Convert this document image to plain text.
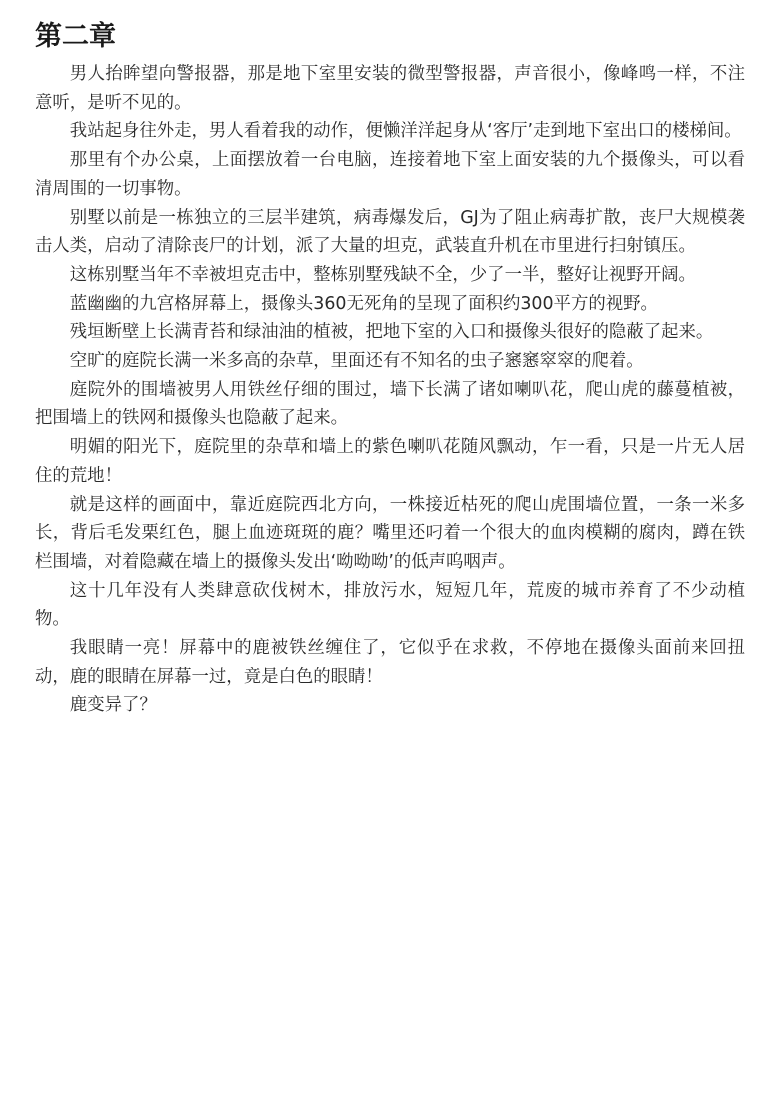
第二章

男人抬眸望向警报器，那是地下室里安装的微型警报器，声音很小，像峰鸣一样，不注意听，是听不见的。

我站起身往外走，男人看着我的动作，便懒洋洋起身从‘客厅’走到地下室出口的楼梯间。

那里有个办公桌，上面摆放着一台电脑，连接着地下室上面安装的九个摄像头，可以看清周围的一切事物。

别墅以前是一栋独立的三层半建筑，病毒爆发后，GJ为了阻止病毒扩散，丧尸大规模袭击人类，启动了清除丧尸的计划，派了大量的坦克，武装直升机在市里进行扫射镇压。

这栋别墅当年不幸被坦克击中，整栋别墅残缺不全，少了一半，整好让视野开阔。

蓝幽幽的九宫格屏幕上，摄像头360无死角的呈现了面积约300平方的视野。

残垣断壁上长满青苔和绿油油的植被，把地下室的入口和摄像头很好的隐蔽了起来。

空旷的庭院长满一米多高的杂草，里面还有不知名的虫子窸窸窣窣的爬着。

庭院外的围墙被男人用铁丝仔细的围过，墙下长满了诸如喇叭花，爬山虎的藤蔓植被，把围墙上的铁网和摄像头也隐蔽了起来。

明媚的阳光下，庭院里的杂草和墙上的紫色喇叭花随风飘动，乍一看，只是一片无人居住的荒地！

就是这样的画面中，靠近庭院西北方向，一株接近枯死的爬山虎围墙位置，一条一米多长，背后毛发栗红色，腿上血迹斑斑的鹿？嘴里还叼着一个很大的血肉模糊的腐肉，蹲在铁栏围墙，对着隐藏在墙上的摄像头发出‘呦呦呦’的低声呜咽声。

这十几年没有人类肆意砍伐树木，排放污水，短短几年，荒废的城市养育了不少动植物。

我眼睛一亮！屏幕中的鹿被铁丝缠住了，它似乎在求救，不停地在摄像头面前来回扭动，鹿的眼睛在屏幕一过，竟是白色的眼睛！

鹿变异了？
